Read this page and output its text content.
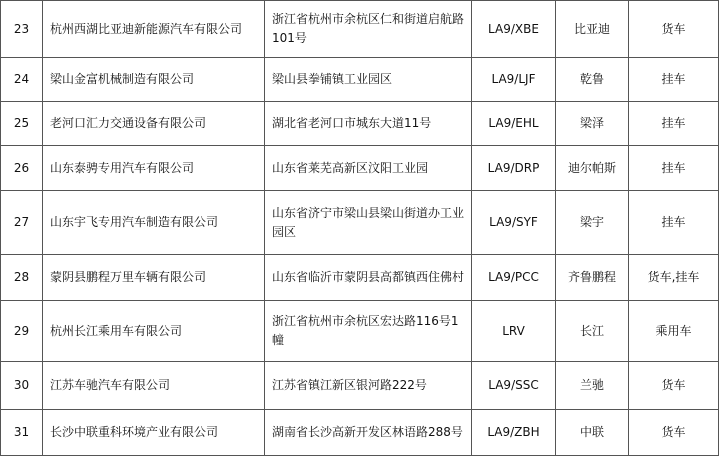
23	杭州西湖比亚迪新能源汽车有限公司	浙江省杭州市余杭区仁和街道启航路101号	LA9/XBE	比亚迪	货车
24	梁山金富机械制造有限公司	梁山县拳铺镇工业园区	LA9/LJF	乾鲁	挂车
25	老河口汇力交通设备有限公司	湖北省老河口市城东大道11号	LA9/EHL	梁泽	挂车
26	山东泰骋专用汽车有限公司	山东省莱芜高新区汶阳工业园	LA9/DRP	迪尔帕斯	挂车
27	山东宇飞专用汽车制造有限公司	山东省济宁市梁山县梁山街道办工业园区	LA9/SYF	梁宇	挂车
28	蒙阴县鹏程万里车辆有限公司	山东省临沂市蒙阴县高都镇西住佛村	LA9/PCC	齐鲁鹏程	货车,挂车
29	杭州长江乘用车有限公司	浙江省杭州市余杭区宏达路116号1幢	LRV	长江	乘用车
30	江苏车驰汽车有限公司	江苏省镇江新区银河路222号	LA9/SSC	兰驰	货车
31	长沙中联重科环境产业有限公司	湖南省长沙高新开发区林语路288号	LA9/ZBH	中联	货车
